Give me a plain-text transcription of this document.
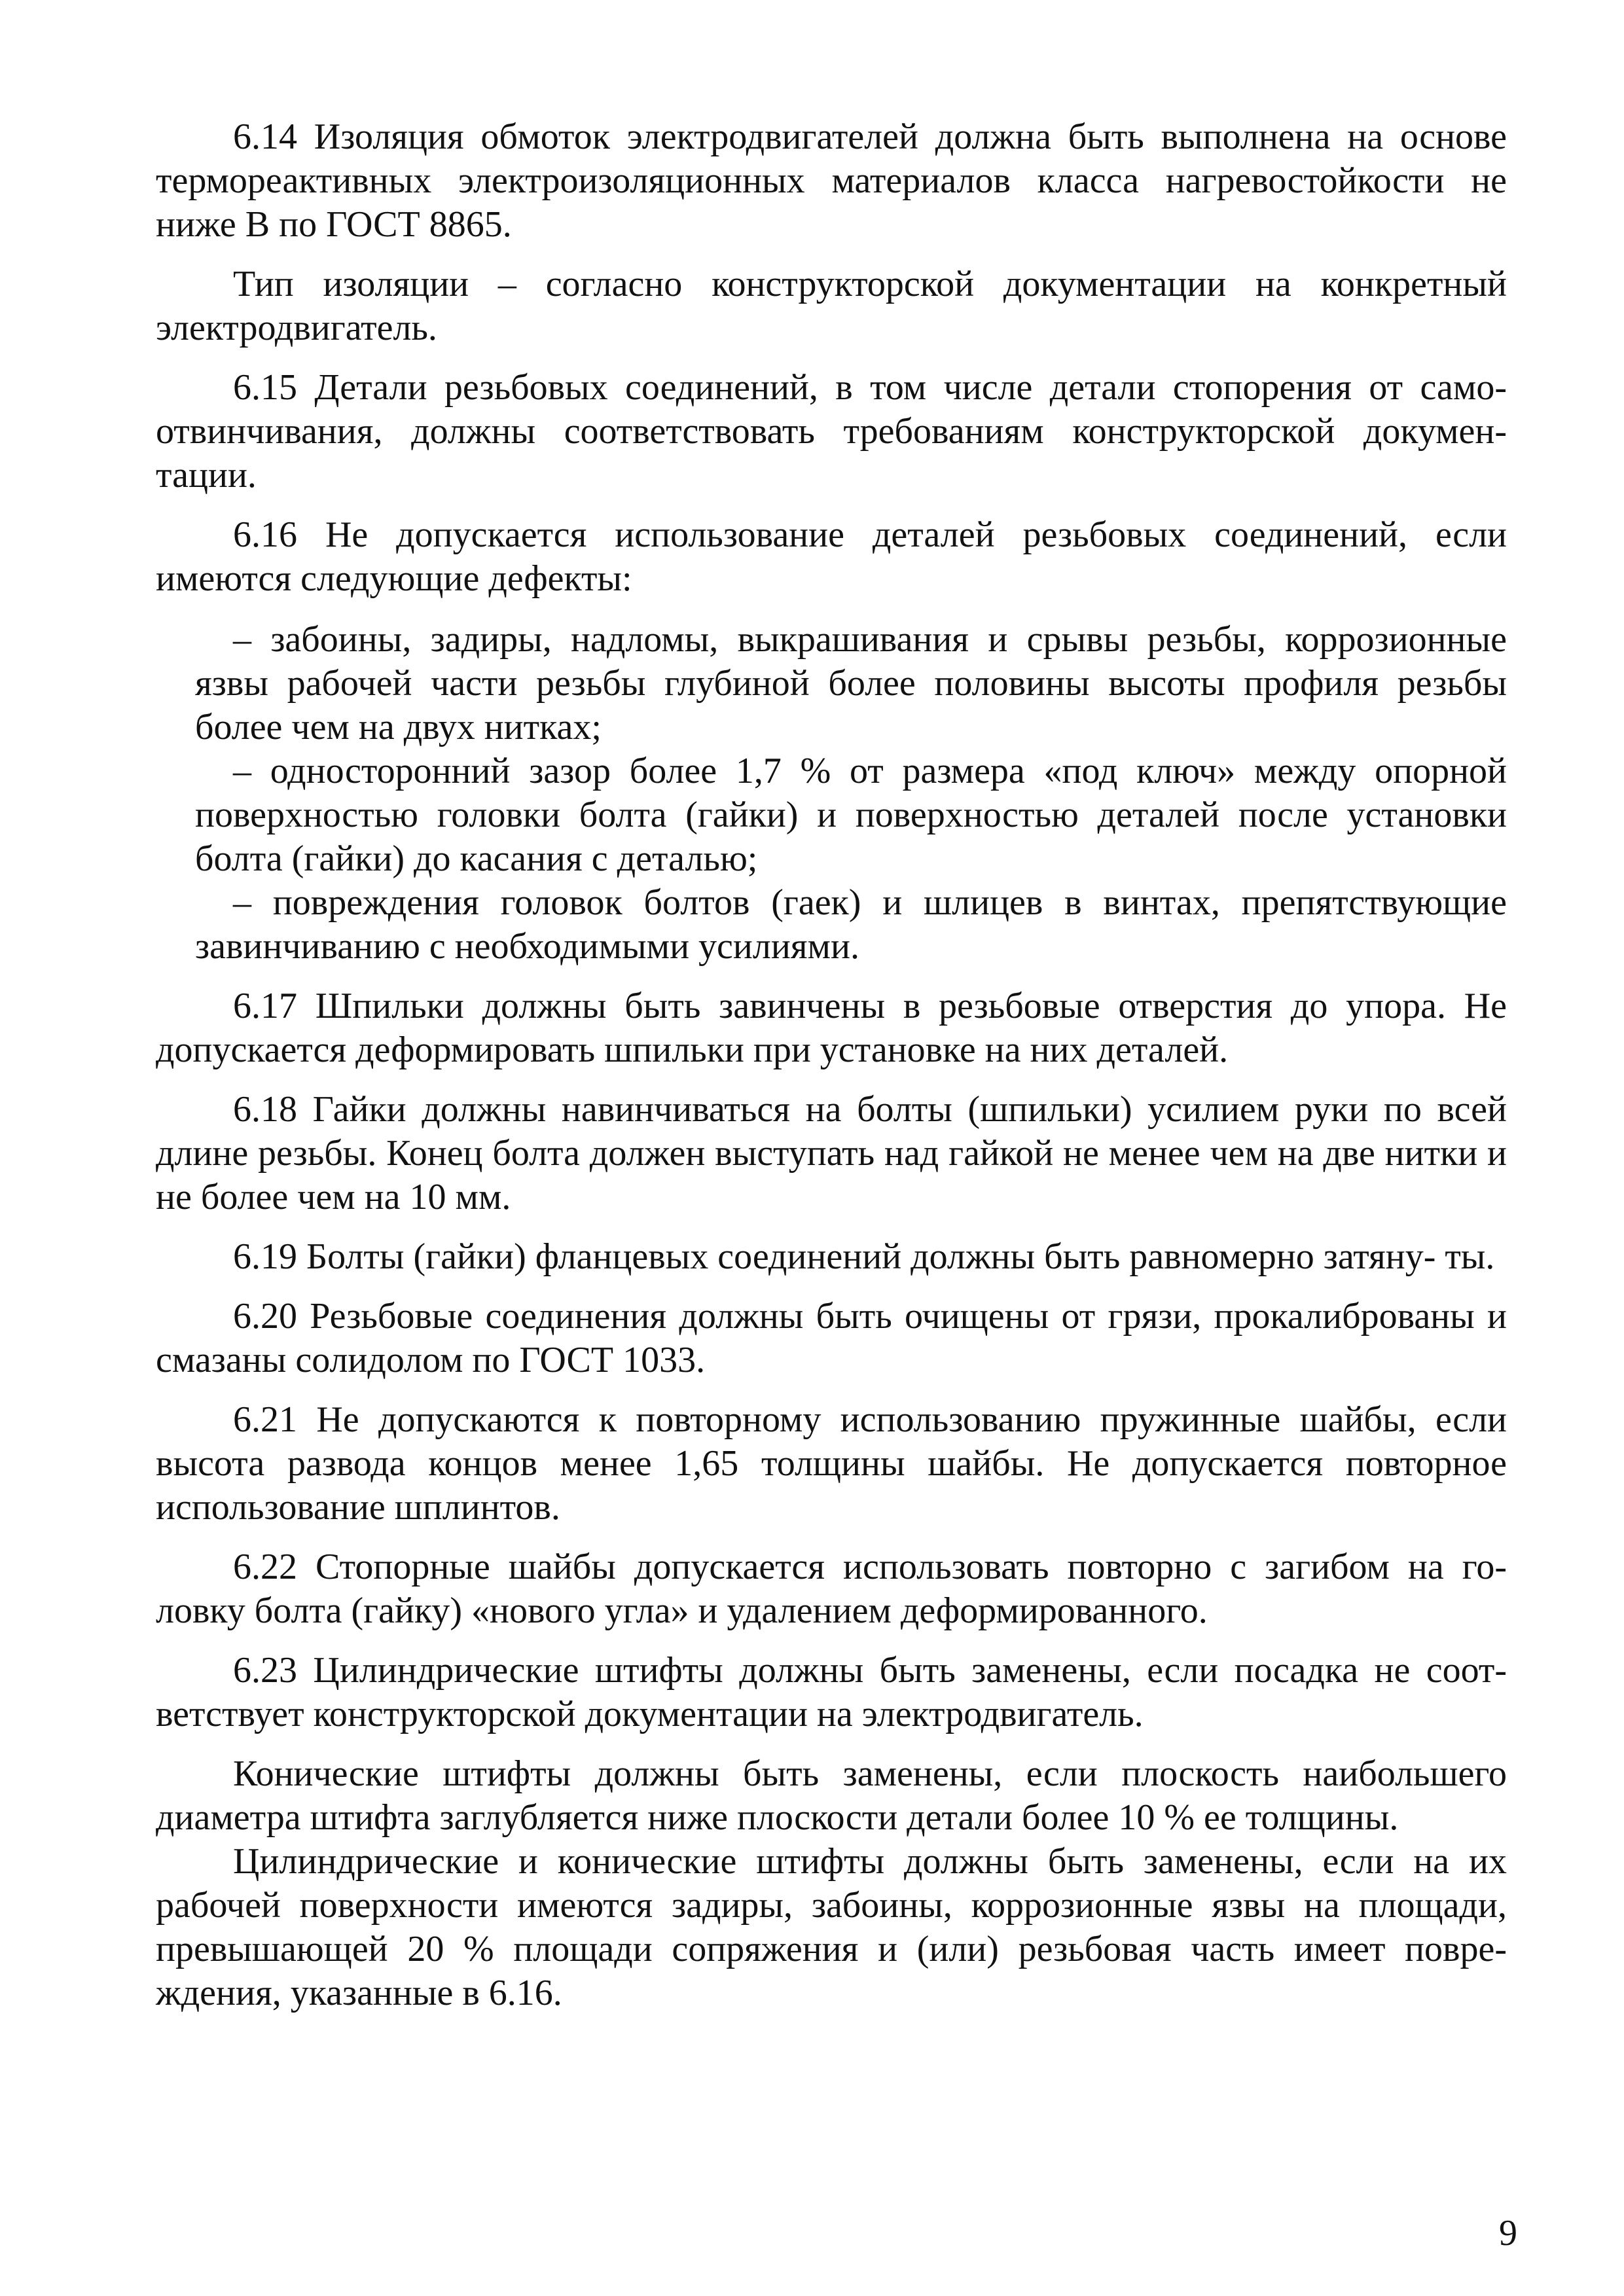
6.14 Изоляция обмоток электродвигателей должна быть выполнена на основе термореактивных электроизоляционных материалов класса нагревостойкости не ниже В по ГОСТ 8865.

Тип изоляции – согласно конструкторской документации на конкретный электродвигатель.

6.15 Детали резьбовых соединений, в том числе детали стопорения от само- отвинчивания, должны соответствовать требованиям конструкторской докумен- тации.

6.16 Не допускается использование деталей резьбовых соединений, если имеются следующие дефекты:

– забоины, задиры, надломы, выкрашивания и срывы резьбы, коррозионные язвы рабочей части резьбы глубиной более половины высоты профиля резьбы более чем на двух нитках;
– односторонний зазор более 1,7 % от размера «под ключ» между опорной поверхностью головки болта (гайки) и поверхностью деталей после установки болта (гайки) до касания с деталью;
– повреждения головок болтов (гаек) и шлицев в винтах, препятствующие завинчиванию с необходимыми усилиями.

6.17 Шпильки должны быть завинчены в резьбовые отверстия до упора. Не допускается деформировать шпильки при установке на них деталей.

6.18 Гайки должны навинчиваться на болты (шпильки) усилием руки по всей длине резьбы. Конец болта должен выступать над гайкой не менее чем на две нитки и не более чем на 10 мм.

6.19 Болты (гайки) фланцевых соединений должны быть равномерно затяну- ты.

6.20 Резьбовые соединения должны быть очищены от грязи, прокалиброваны и смазаны солидолом по ГОСТ 1033.

6.21 Не допускаются к повторному использованию пружинные шайбы, если высота развода концов менее 1,65 толщины шайбы. Не допускается повторное использование шплинтов.

6.22 Стопорные шайбы допускается использовать повторно с загибом на го- ловку болта (гайку) «нового угла» и удалением деформированного.

6.23 Цилиндрические штифты должны быть заменены, если посадка не соот- ветствует конструкторской документации на электродвигатель.

Конические штифты должны быть заменены, если плоскость наибольшего диаметра штифта заглубляется ниже плоскости детали более 10 % ее толщины.

Цилиндрические и конические штифты должны быть заменены, если на их рабочей поверхности имеются задиры, забоины, коррозионные язвы на площади, превышающей 20 % площади сопряжения и (или) резьбовая часть имеет повре- ждения, указанные в 6.16.

9
